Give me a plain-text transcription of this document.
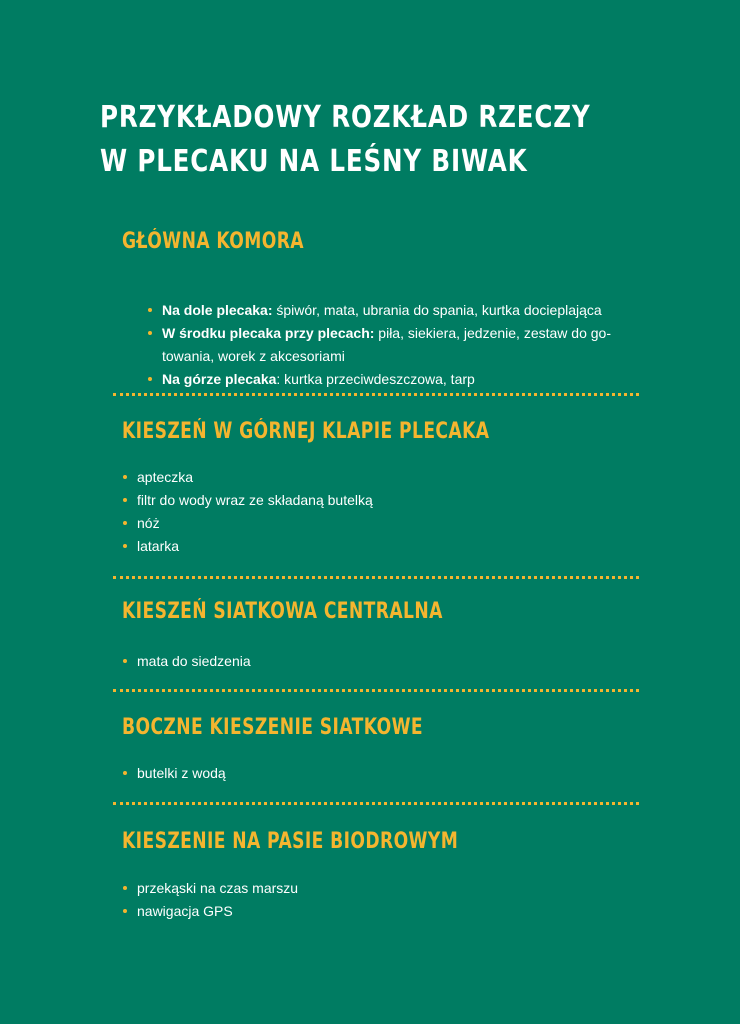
PRZYKŁADOWY ROZKŁAD RZECZY
W PLECAKU NA LEŚNY BIWAK
GŁÓWNA KOMORA
Na dole plecaka: śpiwór, mata, ubrania do spania, kurtka docieplająca
W środku plecaka przy plecach: piła, siekiera, jedzenie, zestaw do go-
towania, worek z akcesoriami
Na górze plecaka: kurtka przeciwdeszczowa, tarp
KIESZEŃ W GÓRNEJ KLAPIE PLECAKA
apteczka
filtr do wody wraz ze składaną butelką
nóż
latarka
KIESZEŃ SIATKOWA CENTRALNA
mata do siedzenia
BOCZNE KIESZENIE SIATKOWE
butelki z wodą
KIESZENIE NA PASIE BIODROWYM
przekąski na czas marszu
nawigacja GPS
